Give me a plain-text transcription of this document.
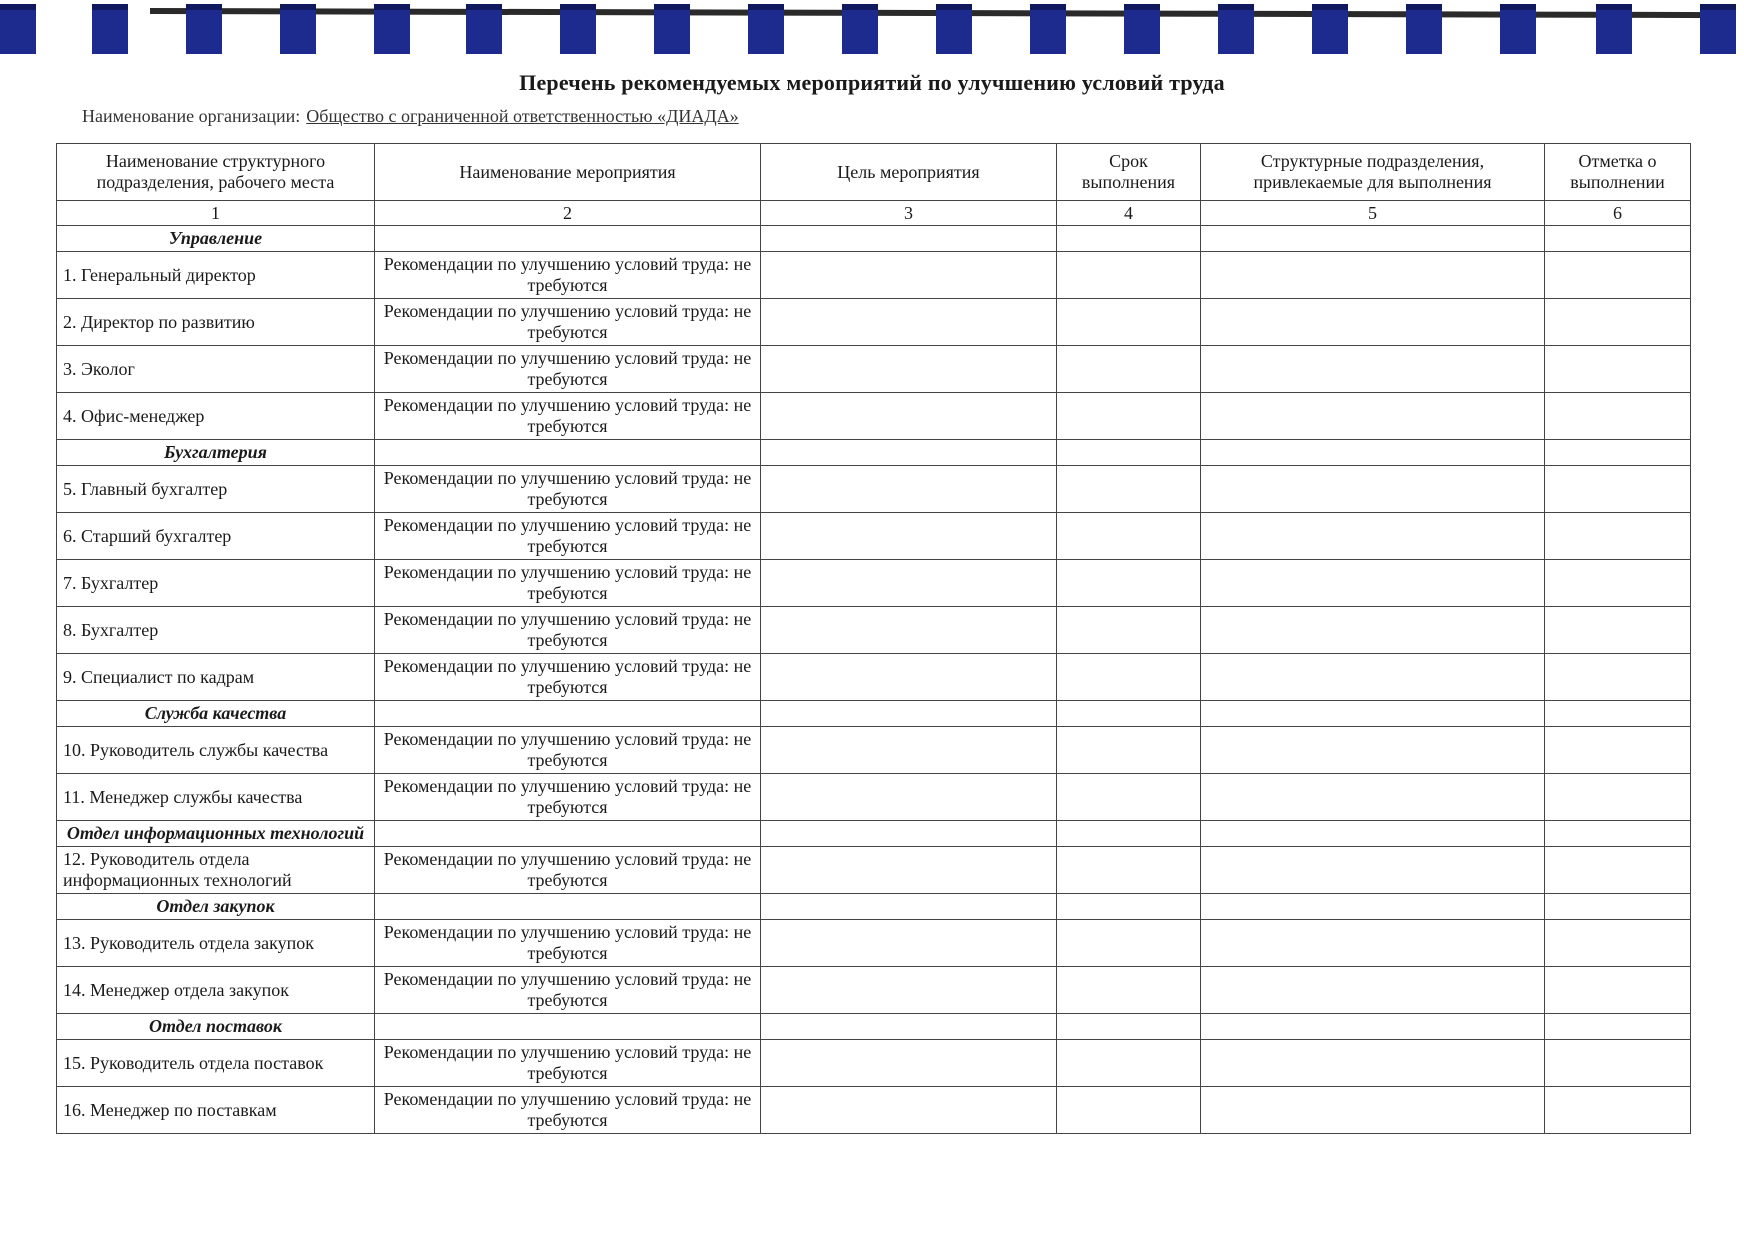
Перечень рекомендуемых мероприятий по улучшению условий труда
Наименование организации: Общество с ограниченной ответственностью «ДИАДА»
Наименование структурного подразделения, рабочего места	Наименование мероприятия	Цель мероприятия	Срок выполнения	Структурные подразделения, привлекаемые для выполнения	Отметка о выполнении
1	2	3	4	5	6
Управление					
1. Генеральный директор	Рекомендации по улучшению условий труда: не требуются				
2. Директор по развитию	Рекомендации по улучшению условий труда: не требуются				
3. Эколог	Рекомендации по улучшению условий труда: не требуются				
4. Офис-менеджер	Рекомендации по улучшению условий труда: не требуются				
Бухгалтерия					
5. Главный бухгалтер	Рекомендации по улучшению условий труда: не требуются				
6. Старший бухгалтер	Рекомендации по улучшению условий труда: не требуются				
7. Бухгалтер	Рекомендации по улучшению условий труда: не требуются				
8. Бухгалтер	Рекомендации по улучшению условий труда: не требуются				
9. Специалист по кадрам	Рекомендации по улучшению условий труда: не требуются				
Служба качества					
10. Руководитель службы качества	Рекомендации по улучшению условий труда: не требуются				
11. Менеджер службы качества	Рекомендации по улучшению условий труда: не требуются				
Отдел информационных технологий					
12. Руководитель отдела информационных технологий	Рекомендации по улучшению условий труда: не требуются				
Отдел закупок					
13. Руководитель отдела закупок	Рекомендации по улучшению условий труда: не требуются				
14. Менеджер отдела закупок	Рекомендации по улучшению условий труда: не требуются				
Отдел поставок					
15. Руководитель отдела поставок	Рекомендации по улучшению условий труда: не требуются				
16. Менеджер по поставкам	Рекомендации по улучшению условий труда: не требуются				
